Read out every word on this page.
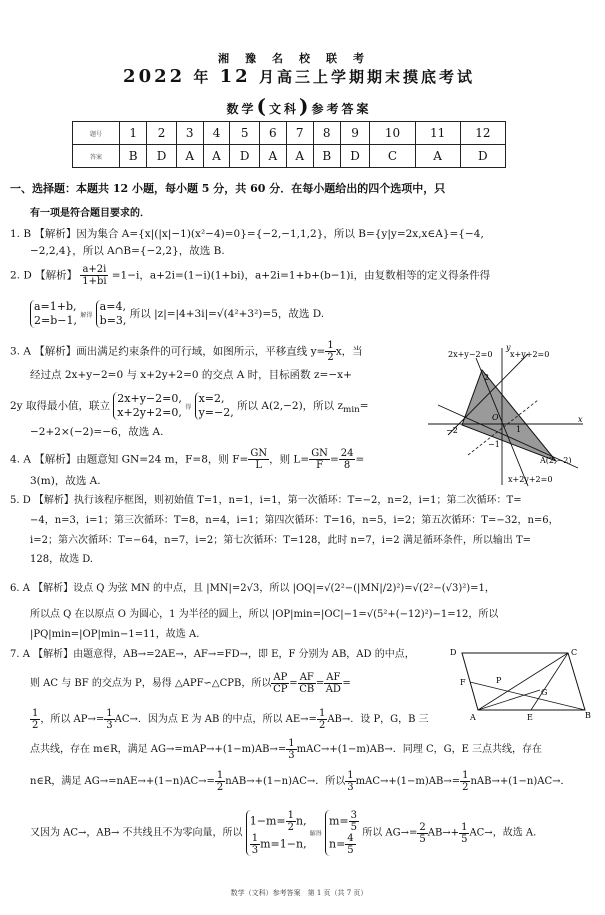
湘豫名校联考
2022 年 12 月高三上学期期末摸底考试
数学(文科)参考答案
题号	1	2	3	4	5	6	7	8	9	10	11	12
答案	B	D	A	A	D	A	A	B	D	C	A	D
一、选择题：本题共 12 小题，每小题 5 分，共 60 分．在每小题给出的四个选项中，只
有一项是符合题目要求的．
1. B 【解析】因为集合 A={x|(|x|−1)(x²−4)=0}={−2,−1,1,2}，所以 B={y|y=2x,x∈A}={−4,
−2,2,4}，所以 A∩B={−2,2}，故选 B.
2. D 【解析】 $\frac{a+2i}{1+bi} =1-i$，a+2i=(1−i)(1+bi)，a+2i=1+b+(b−1)i，由复数相等的定义得条件得
a=1+b,
2=b−1, 解得 a=4,
b=3, 所以 |z|=|4+3i|=√(4²+3²)=5，故选 D.
3. A 【解析】画出满足约束条件的可行域，如图所示，平移直线 $y= \frac{1}{2}$ x，当
经过点 2x+y−2=0 与 x+2y+2=0 的交点 A 时，目标函数 z=−x+
2y 取得最小值，联立 2x+y−2=0,
x+2y+2=0, 得 x=2,
y=−2, 所以 A(2,−2)，所以 $z_{min}=$
−2+2×(−2)=−6，故选 A.
2x+y−2=0 x+y+2=0
x+2y+2=0
y
x
O
2
−2	1
−1
A(2,−2)
4. A 【解析】由题意知 GN=24 m，F=8，则 $F= \frac{GN}{L}$ ，则 $L= \frac{GN}{F} = \frac{24}{8}$ =
3(m)，故选 A.
5. D 【解析】执行该程序框图，则初始值 T=1，n=1，i=1，第一次循环：T=−2，n=2，i=1；第二次循环：T=
−4，n=3，i=1；第三次循环：T=8，n=4，i=1；第四次循环：T=16，n=5，i=2；第五次循环：T=−32，n=6，
i=2；第六次循环：T=−64，n=7，i=2；第七次循环：T=128，此时 n=7，i=2 满足循环条件，所以输出 T=
128，故选 D.
6. A 【解析】设点 Q 为弦 MN 的中点，且 |MN|=2√3，所以 |OQ|=√(2²−(|MN|/2)²)=√(2²−(√3)²)=1，
所以点 Q 在以原点 O 为圆心，1 为半径的圆上，所以 |OP|min=|OC|−1=√(5²+(−12)²)−1=12，所以
|PQ|min=|OP|min−1=11，故选 A.
7. A 【解析】由题意得，AB→=2AE→，AF→=FD→，即 E，F 分别为 AB，AD 的中点，
则 AC 与 BF 的交点为 P，易得 △APF∽△CPB，所以 $\frac{AP}{CP} = \frac{AF}{CB} = \frac{AF}{AD}$ =
$\frac{1}{2}$ ，所以 $AP\to= \frac{1}{3} AC\to$．因为点 E 为 AB 的中点，所以 $AE\to= \frac{1}{2} AB\to$．设 P，G，B 三
点共线，存在 m∈R，满足 $AG\to=mAP\to+(1-m)AB\to= \frac{1}{3} mAC\to+(1-m)AB\to$．同理 C，G，E 三点共线，存在
n∈R，满足 $AG\to=nAE\to+(1-n)AC\to= \frac{1}{2} nAB\to+(1-n)AC\to$．所以 $\frac{1}{3} mAC\to+(1-m)AB\to= \frac{1}{2} nAB\to+(1-n)AC\to$．
又因为 AC→，AB→ 不共线且不为零向量，所以 $1-m= \frac{1}{2} n$,

$\frac{1}{3} m=1-n$, 解得 $m= \frac{3}{5}$

$n= \frac{4}{5}$ 所以 $AG\to= \frac{2}{5} AB\to+ \frac{1}{5} AC\to$，故选 A.
D	C
F	P
G
A	E	B
数学（文科）参考答案　第 1 页（共 7 页）
